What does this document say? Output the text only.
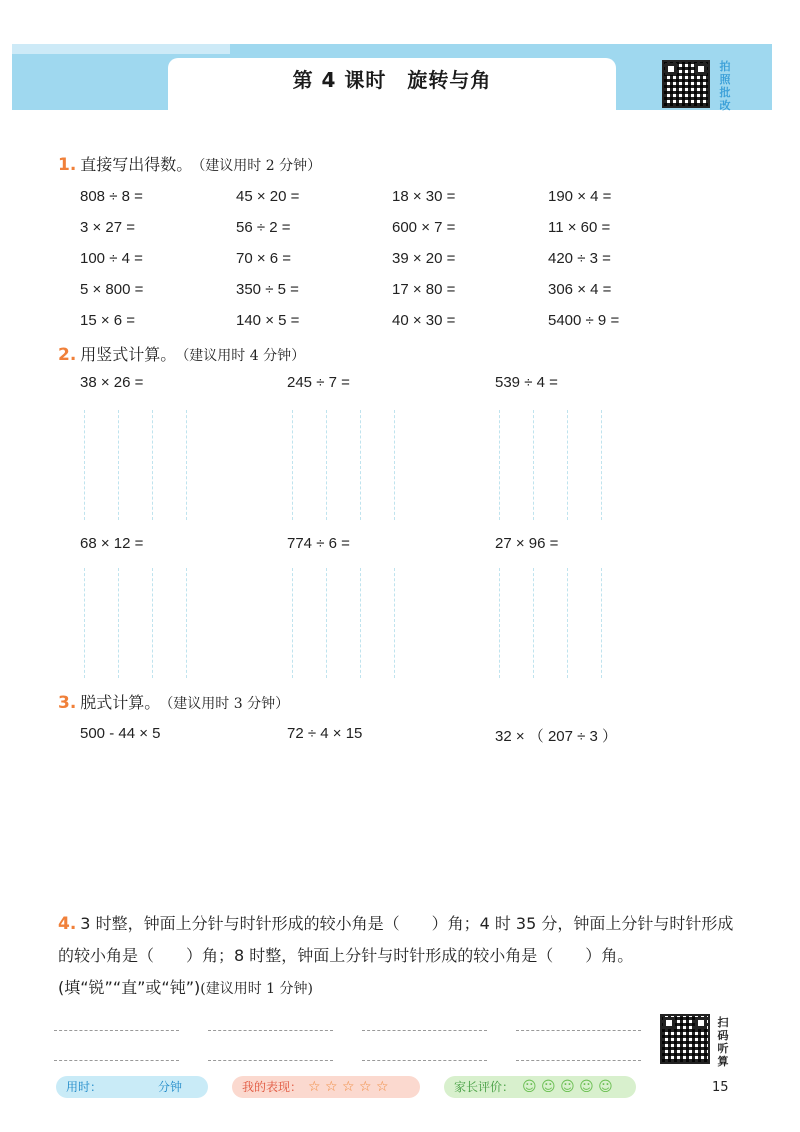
第 4 课时　旋转与角
拍
照
批
改
1. 直接写出得数。 （建议用时 2 分钟）
808 ÷ 8 =	45 × 20 =	18 × 30 =	190 × 4 =
3 × 27 =	56 ÷ 2 =	600 × 7 =	11 × 60 =
100 ÷ 4 =	70 × 6 =	39 × 20 =	420 ÷ 3 =
5 × 800 =	350 ÷ 5 =	17 × 80 =	306 × 4 =
15 × 6 =	140 × 5 =	40 × 30 =	5400 ÷ 9 =
2. 用竖式计算。 （建议用时 4 分钟）
38 × 26 =	245 ÷ 7 =	539 ÷ 4 =
68 × 12 =	774 ÷ 6 =	27 × 96 =
3. 脱式计算。 （建议用时 3 分钟）
500 - 44 × 5	72 ÷ 4 × 15	32 × （ 207 ÷ 3 ）
4. 3 时整，钟面上分针与时针形成的较小角是（　　）角；4 时 35 分，钟面上分针与时针形成的较小角是（　　）角；8 时整，钟面上分针与时针形成的较小角是（　　）角。(填“锐”“直”或“钝”)(建议用时 1 分钟)
扫
码
听
算
用时：	分钟	我的表现： ☆ ☆ ☆ ☆ ☆	家长评价： ☺ ☺ ☺ ☺ ☺	15
